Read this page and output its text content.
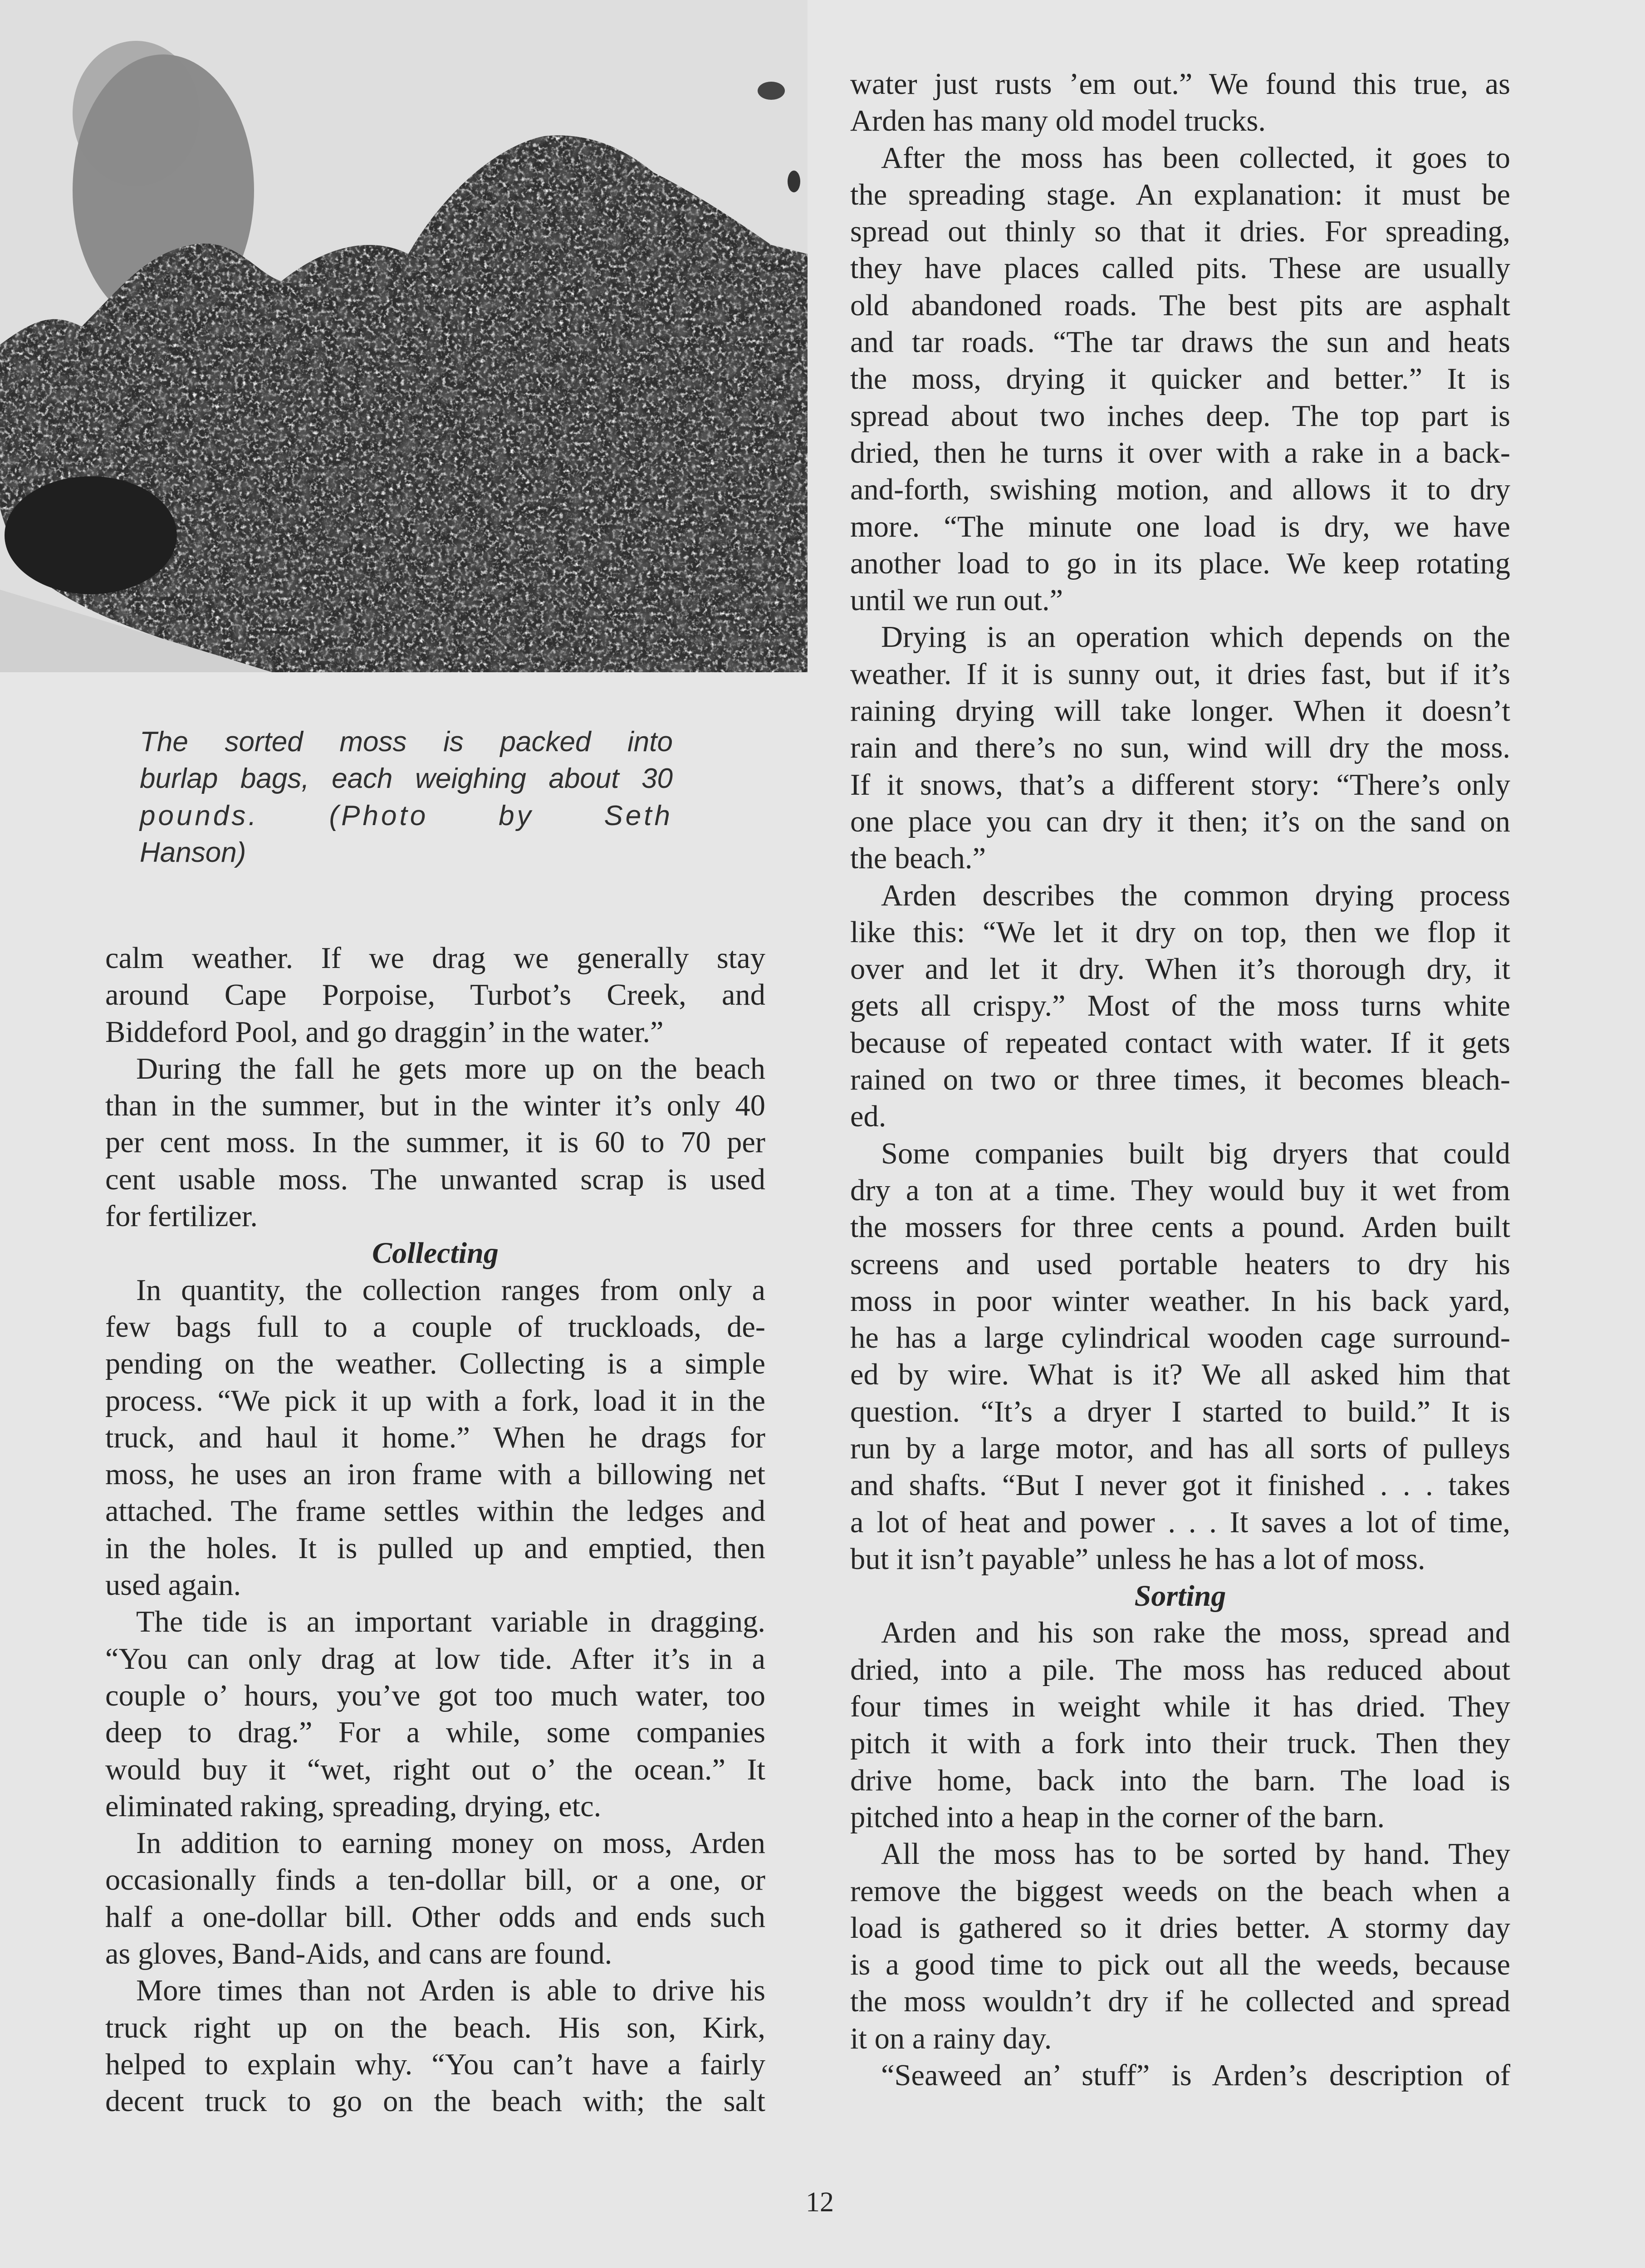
The sorted moss is packed into
burlap bags, each weighing about 30
pounds. (Photo by Seth
Hanson)
calm weather. If we drag we generally stay
around Cape Porpoise, Turbot’s Creek, and
Biddeford Pool, and go draggin’ in the water.”
During the fall he gets more up on the beach
than in the summer, but in the winter it’s only 40
per cent moss. In the summer, it is 60 to 70 per
cent usable moss. The unwanted scrap is used
for fertilizer.
Collecting
In quantity, the collection ranges from only a
few bags full to a couple of truckloads, de-
pending on the weather. Collecting is a simple
process. “We pick it up with a fork, load it in the
truck, and haul it home.” When he drags for
moss, he uses an iron frame with a billowing net
attached. The frame settles within the ledges and
in the holes. It is pulled up and emptied, then
used again.
The tide is an important variable in dragging.
“You can only drag at low tide. After it’s in a
couple o’ hours, you’ve got too much water, too
deep to drag.” For a while, some companies
would buy it “wet, right out o’ the ocean.” It
eliminated raking, spreading, drying, etc.
In addition to earning money on moss, Arden
occasionally finds a ten-dollar bill, or a one, or
half a one-dollar bill. Other odds and ends such
as gloves, Band-Aids, and cans are found.
More times than not Arden is able to drive his
truck right up on the beach. His son, Kirk,
helped to explain why. “You can’t have a fairly
decent truck to go on the beach with; the salt
water just rusts ’em out.” We found this true, as
Arden has many old model trucks.
After the moss has been collected, it goes to
the spreading stage. An explanation: it must be
spread out thinly so that it dries. For spreading,
they have places called pits. These are usually
old abandoned roads. The best pits are asphalt
and tar roads. “The tar draws the sun and heats
the moss, drying it quicker and better.” It is
spread about two inches deep. The top part is
dried, then he turns it over with a rake in a back-
and-forth, swishing motion, and allows it to dry
more. “The minute one load is dry, we have
another load to go in its place. We keep rotating
until we run out.”
Drying is an operation which depends on the
weather. If it is sunny out, it dries fast, but if it’s
raining drying will take longer. When it doesn’t
rain and there’s no sun, wind will dry the moss.
If it snows, that’s a different story: “There’s only
one place you can dry it then; it’s on the sand on
the beach.”
Arden describes the common drying process
like this: “We let it dry on top, then we flop it
over and let it dry. When it’s thorough dry, it
gets all crispy.” Most of the moss turns white
because of repeated contact with water. If it gets
rained on two or three times, it becomes bleach-
ed.
Some companies built big dryers that could
dry a ton at a time. They would buy it wet from
the mossers for three cents a pound. Arden built
screens and used portable heaters to dry his
moss in poor winter weather. In his back yard,
he has a large cylindrical wooden cage surround-
ed by wire. What is it? We all asked him that
question. “It’s a dryer I started to build.” It is
run by a large motor, and has all sorts of pulleys
and shafts. “But I never got it finished . . . takes
a lot of heat and power . . . It saves a lot of time,
but it isn’t payable” unless he has a lot of moss.
Sorting
Arden and his son rake the moss, spread and
dried, into a pile. The moss has reduced about
four times in weight while it has dried. They
pitch it with a fork into their truck. Then they
drive home, back into the barn. The load is
pitched into a heap in the corner of the barn.
All the moss has to be sorted by hand. They
remove the biggest weeds on the beach when a
load is gathered so it dries better. A stormy day
is a good time to pick out all the weeds, because
the moss wouldn’t dry if he collected and spread
it on a rainy day.
“Seaweed an’ stuff” is Arden’s description of
12
